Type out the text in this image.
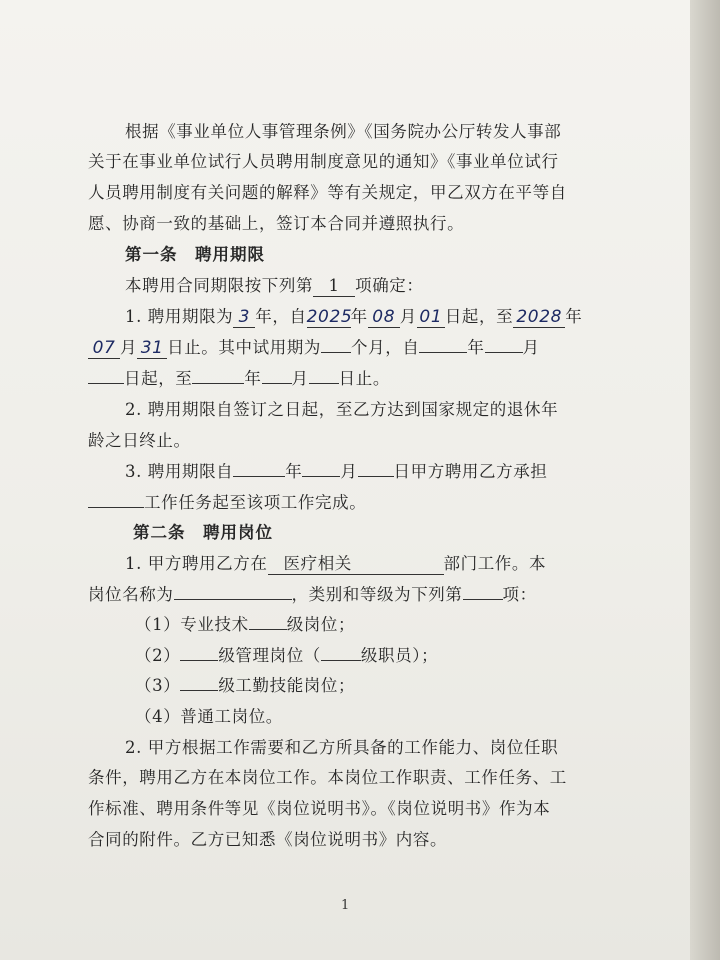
根据《事业单位人事管理条例》《国务院办公厅转发人事部
关于在事业单位试行人员聘用制度意见的通知》《事业单位试行
人员聘用制度有关问题的解释》等有关规定，甲乙双方在平等自
愿、协商一致的基础上，签订本合同并遵照执行。
第一条　聘用期限
本聘用合同期限按下列第 1 项确定：
1. 聘用期限为 3 年，自2025年 08 月 01 日起，至 2028 年
07 月 31 日止。其中试用期为 个月，自	年 月
日起，至	年 月 日止。
2. 聘用期限自签订之日起，至乙方达到国家规定的退休年
龄之日终止。
3. 聘用期限自	年 月 日甲方聘用乙方承担
工作任务起至该项工作完成。
第二条　聘用岗位
1. 甲方聘用乙方在 医疗相关	部门工作。本
岗位名称为	，类别和等级为下列第 项：
（1）专业技术 级岗位；
（2） 级管理岗位（ 级职员）；
（3） 级工勤技能岗位；
（4）普通工岗位。
2. 甲方根据工作需要和乙方所具备的工作能力、岗位任职
条件，聘用乙方在本岗位工作。本岗位工作职责、工作任务、工
作标准、聘用条件等见《岗位说明书》。《岗位说明书》作为本
合同的附件。乙方已知悉《岗位说明书》内容。
1
